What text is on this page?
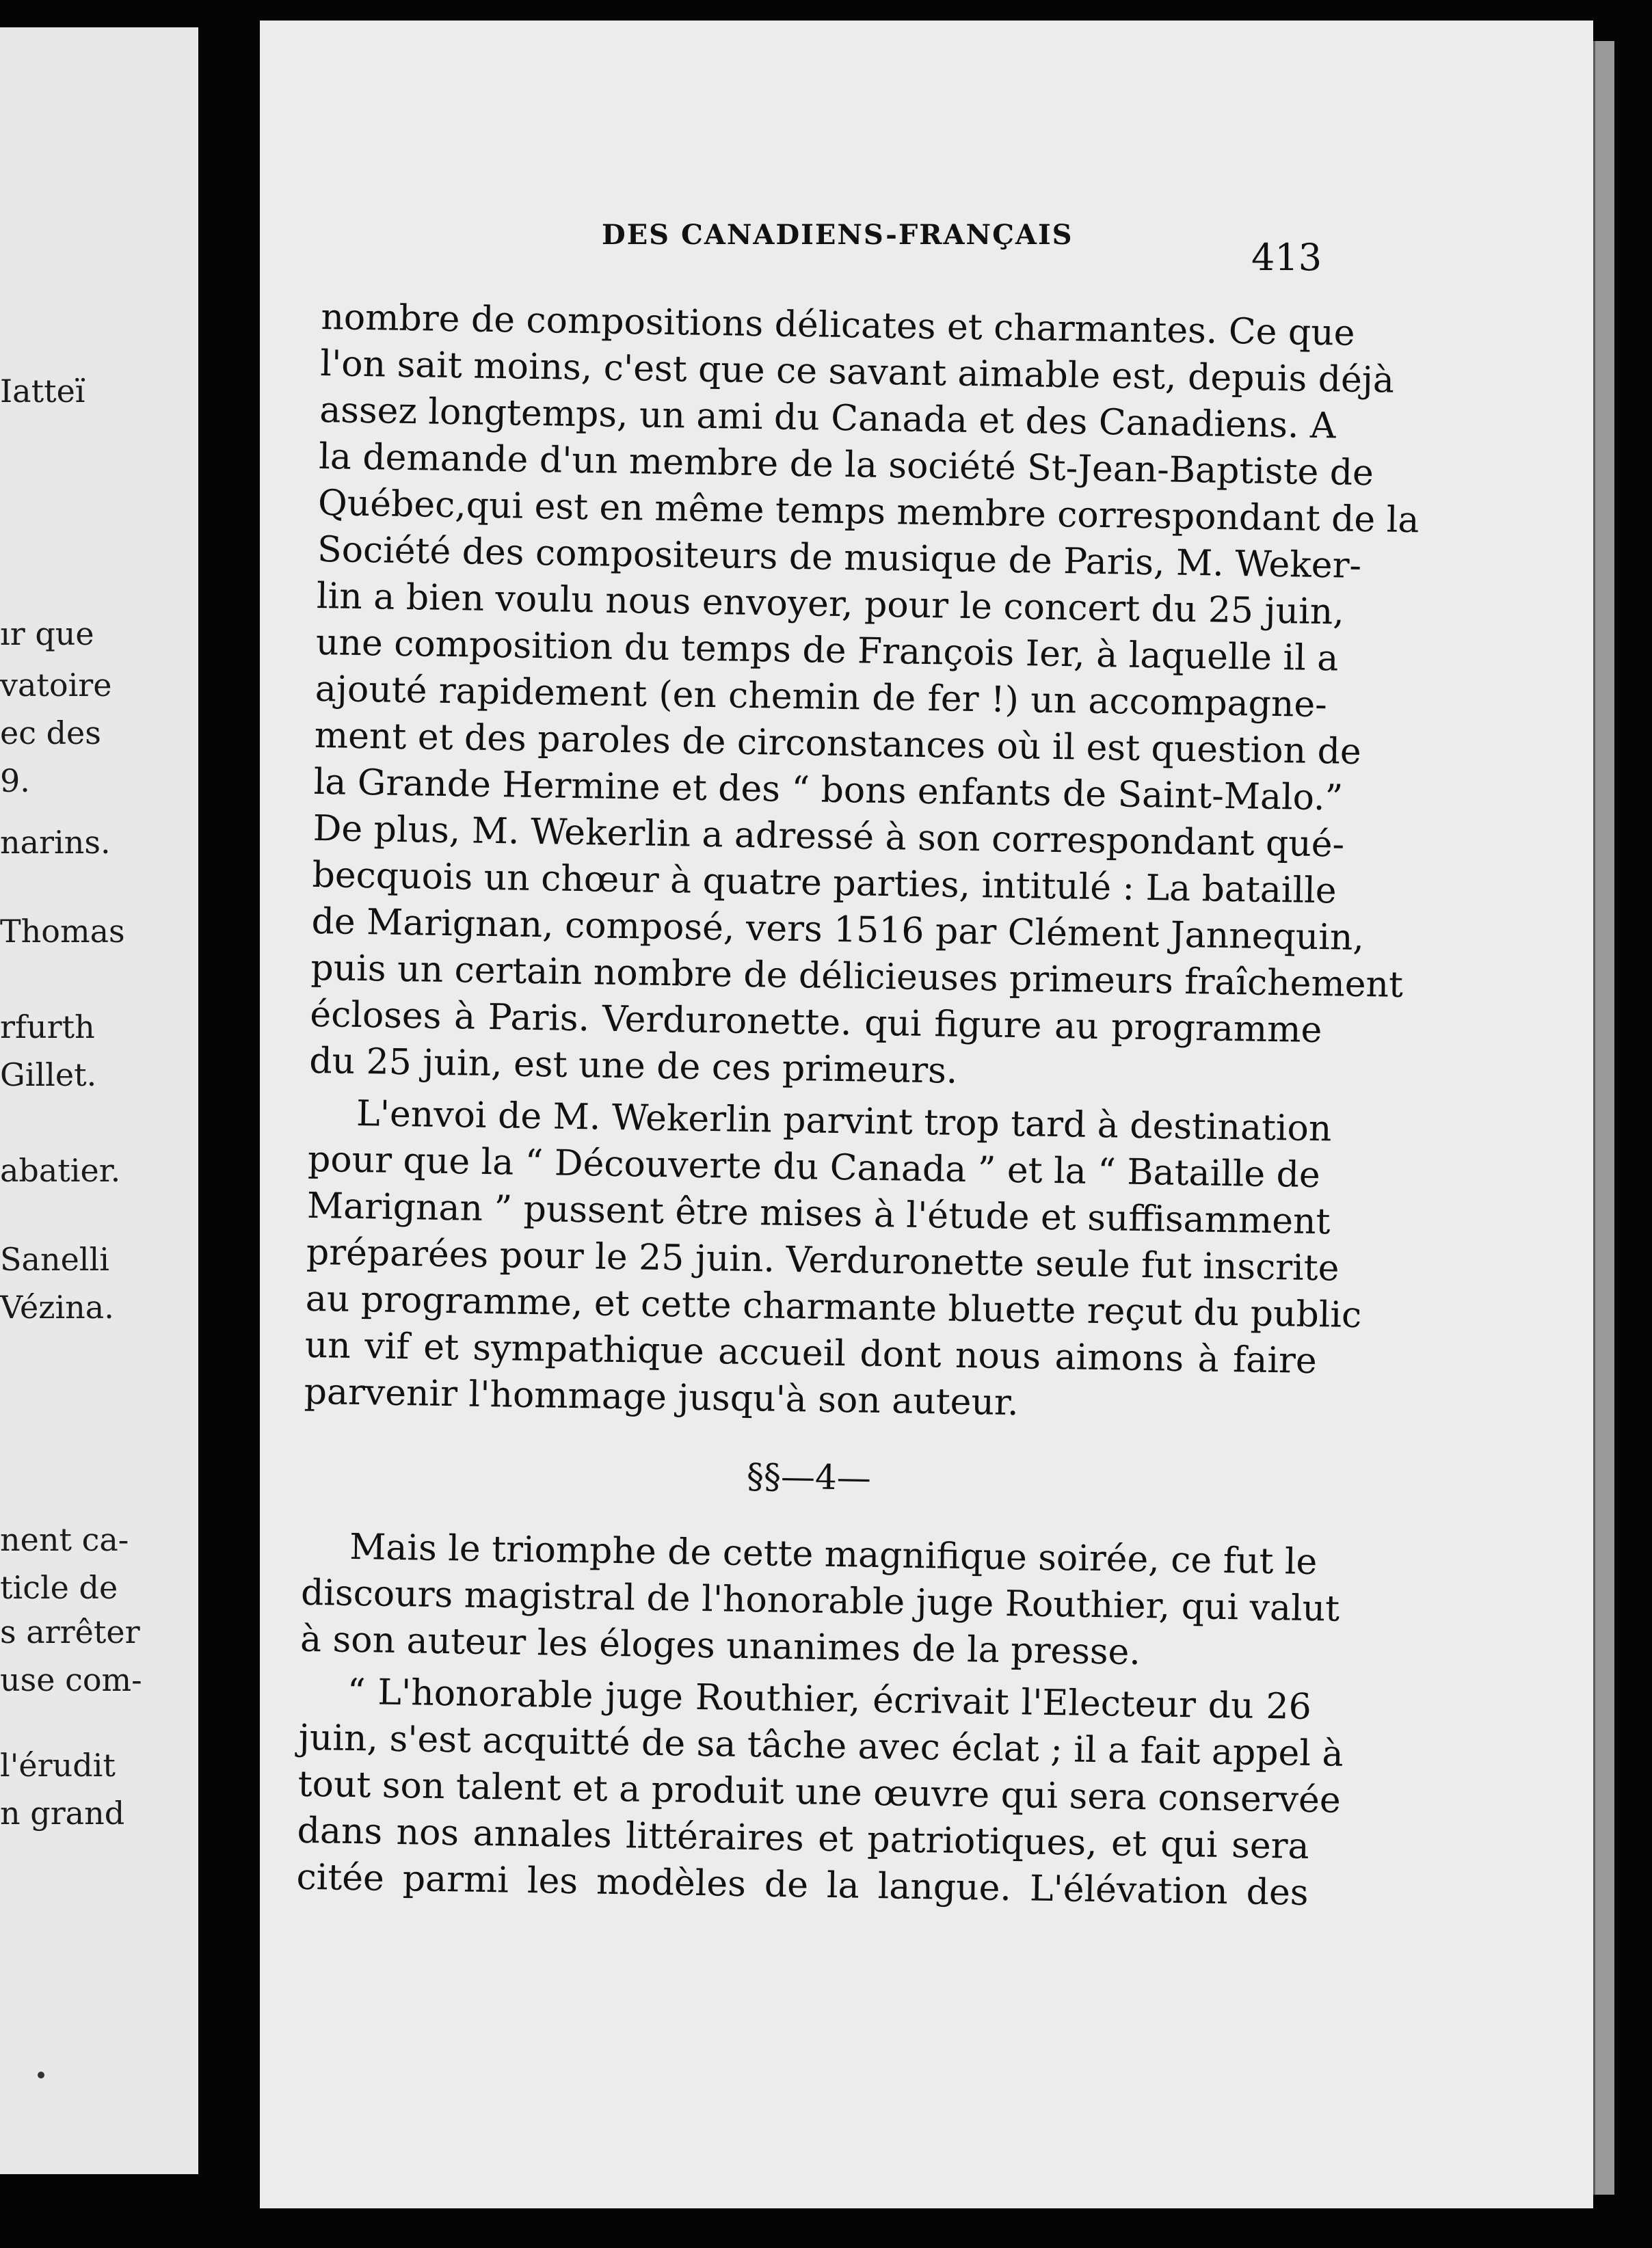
Iatteï

ır que

vatoire

ec des

9.

narins.

Thomas

rfurth

Gillet.

abatier.

Sanelli

Vézina.

nent ca-

ticle de

s arrêter

use com-

l'érudit

n grand

DES CANADIENS-FRANÇAIS

413

nombre de compositions délicates et charmantes. Ce que
l'on sait moins, c'est que ce savant aimable est, depuis déjà
assez longtemps, un ami du Canada et des Canadiens. A
la demande d'un membre de la société St-Jean-Baptiste de
Québec,qui est en même temps membre correspondant de la
Société des compositeurs de musique de Paris, M. Weker-
lin a bien voulu nous envoyer, pour le concert du 25 juin,
une composition du temps de François Ier, à laquelle il a
ajouté rapidement (en chemin de fer !) un accompagne-
ment et des paroles de circonstances où il est question de
la Grande Hermine et des “ bons enfants de Saint-Malo.”
De plus, M. Wekerlin a adressé à son correspondant qué-
becquois un chœur à quatre parties, intitulé : La bataille
de Marignan, composé, vers 1516 par Clément Jannequin,
puis un certain nombre de délicieuses primeurs fraîchement
écloses à Paris. Verduronette. qui figure au programme
du 25 juin, est une de ces primeurs.
L'envoi de M. Wekerlin parvint trop tard à destination
pour que la “ Découverte du Canada ” et la “ Bataille de
Marignan ” pussent être mises à l'étude et suffisamment
préparées pour le 25 juin. Verduronette seule fut inscrite
au programme, et cette charmante bluette reçut du public
un vif et sympathique accueil dont nous aimons à faire
parvenir l'hommage jusqu'à son auteur.
§§—4—
Mais le triomphe de cette magnifique soirée, ce fut le
discours magistral de l'honorable juge Routhier, qui valut
à son auteur les éloges unanimes de la presse.
“ L'honorable juge Routhier, écrivait l'Electeur du 26
juin, s'est acquitté de sa tâche avec éclat ; il a fait appel à
tout son talent et a produit une œuvre qui sera conservée
dans nos annales littéraires et patriotiques, et qui sera
citée parmi les modèles de la langue. L'élévation des
